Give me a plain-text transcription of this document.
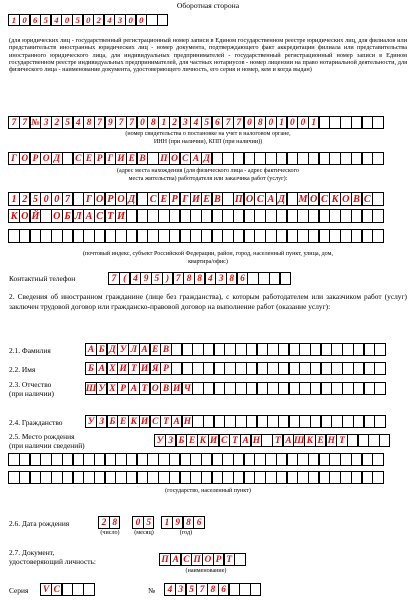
Оборотная сторона
1 0 6 5 4 0 5 0 2 4 3 0 0
(для юридических лиц - государственный регистрационный номер записи в Едином государственном реестре юридических лиц, для филиалов или представительств иностранных юридических лиц - номер документа, подтверждающего факт аккредитации филиала или представительства иностранного юридического лица, для индивидуальных предпринимателей - государственный регистрационный номер записи в Едином государственном реестре индивидуальных предпринимателей, для частных нотариусов - номер лицензии на право нотариальной деятельности, для физического лица - наименование документа, удостоверяющего личность, его серия и номер, кем и когда выдан)
7 7 № 3 2 5 4 8 7 9 7 7 0 8 1 2 3 4 5 6 7 7 0 8 0 1 0 0 1
(номер свидетельства о постановке на учет в налоговом органе,
ИНН (при наличии), КПП (при наличии))
Г О Р О Д С Е Р Г И Е В П О С А Д
(адрес места нахождения (для физического лица - адрес фактического
места жительства) работодателя или заказчика работ (услуг):
1 2 5 0 0 7	Г О Р О Д С Е Р Г И Е В П О С А Д М О С К О В С
К О Й О Б Л А С Т И
(почтовый индекс, субъект Российской Федерации, район, город, населенный пункт, улица, дом,
квартира/офис)
Контактный телефон	7 ( 4 9 5 ) 7 8 8 4 3 8 6
2. Сведения об иностранном гражданине (лице без гражданства), с которым работодателем или заказчиком работ (услуг) заключен трудовой договор или гражданско-правовой договор на выполнение работ (оказание услуг):
2.1. Фамилия	А Б Д У Л А Е В
2.2. Имя	Б А Х И Т И Я Р
2.3. Отчество
(при наличии)	Ш У Х Р А Т О В И Ч
2.4. Гражданство	У З Б Е К И С Т А Н
2.5. Место рождения
(при наличии сведений)	У З Б Е К И С Т А Н	Т А Ш К Е Н Т
(государство, населенный пункт)
2.6. Дата рождения	2 8	0 5	1 9 8 6
(число)	(месяц)	(год)
2.7. Документ,
удостоверяющий личность:	П А С П О Р Т
(наименование)
Серия V C	№	4 3 5 7 8 6
